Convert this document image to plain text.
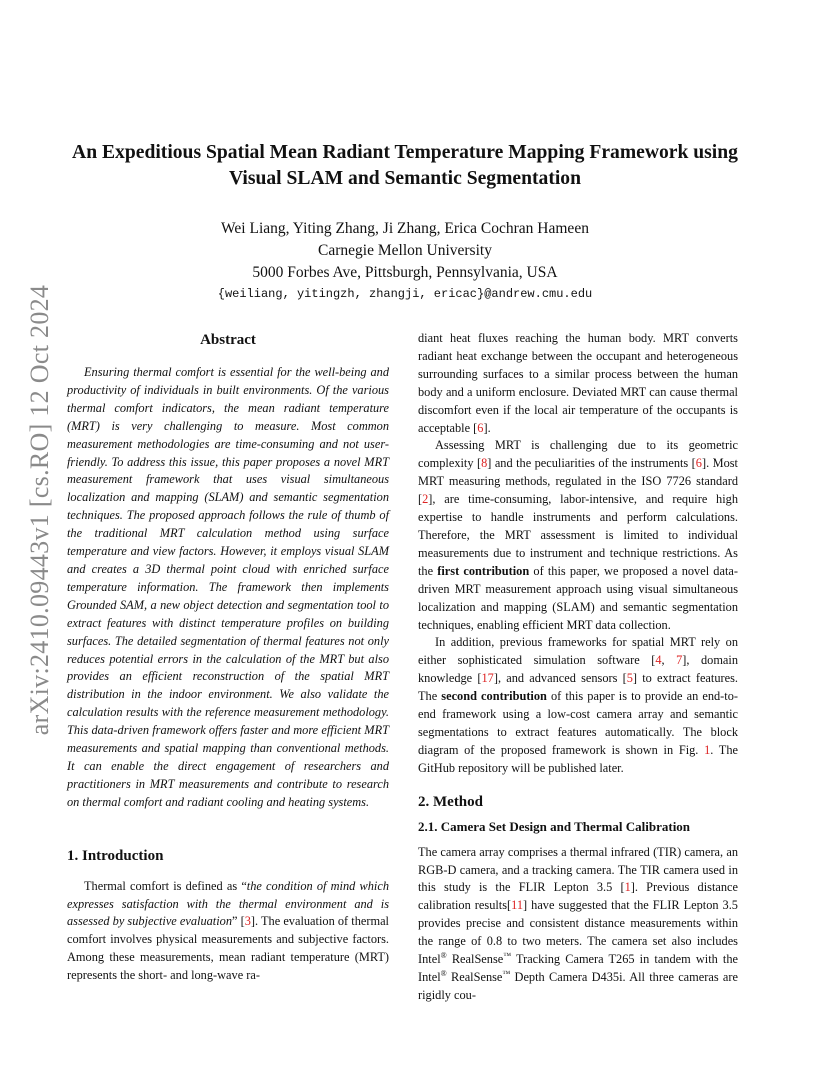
arXiv:2410.09443v1 [cs.RO] 12 Oct 2024
An Expeditious Spatial Mean Radiant Temperature Mapping Framework using
Visual SLAM and Semantic Segmentation
Wei Liang, Yiting Zhang, Ji Zhang, Erica Cochran Hameen
Carnegie Mellon University
5000 Forbes Ave, Pittsburgh, Pennsylvania, USA
{weiliang, yitingzh, zhangji, ericac}@andrew.cmu.edu
Abstract

Ensuring thermal comfort is essential for the well-being and productivity of individuals in built environments. Of the various thermal comfort indicators, the mean radiant temperature (MRT) is very challenging to measure. Most common measurement methodologies are time-consuming and not user-friendly. To address this issue, this paper proposes a novel MRT measurement framework that uses visual simultaneous localization and mapping (SLAM) and semantic segmentation techniques. The proposed approach follows the rule of thumb of the traditional MRT calculation method using surface temperature and view factors. However, it employs visual SLAM and creates a 3D thermal point cloud with enriched surface temperature information. The framework then implements Grounded SAM, a new object detection and segmentation tool to extract features with distinct temperature profiles on building surfaces. The detailed segmentation of thermal features not only reduces potential errors in the calculation of the MRT but also provides an efficient reconstruction of the spatial MRT distribution in the indoor environment. We also validate the calculation results with the reference measurement methodology. This data-driven framework offers faster and more efficient MRT measurements and spatial mapping than conventional methods. It can enable the direct engagement of researchers and practitioners in MRT measurements and contribute to research on thermal comfort and radiant cooling and heating systems.

1. Introduction

Thermal comfort is defined as “the condition of mind which expresses satisfaction with the thermal environment and is assessed by subjective evaluation” [3]. The evaluation of thermal comfort involves physical measurements and subjective factors. Among these measurements, mean radiant temperature (MRT) represents the short- and long-wave ra-

diant heat fluxes reaching the human body. MRT converts radiant heat exchange between the occupant and heterogeneous surrounding surfaces to a similar process between the human body and a uniform enclosure. Deviated MRT can cause thermal discomfort even if the local air temperature of the occupants is acceptable [6].

Assessing MRT is challenging due to its geometric complexity [8] and the peculiarities of the instruments [6]. Most MRT measuring methods, regulated in the ISO 7726 standard [2], are time-consuming, labor-intensive, and require high expertise to handle instruments and perform calculations. Therefore, the MRT assessment is limited to individual measurements due to instrument and technique restrictions. As the first contribution of this paper, we proposed a novel data-driven MRT measurement approach using visual simultaneous localization and mapping (SLAM) and semantic segmentation techniques, enabling efficient MRT data collection.

In addition, previous frameworks for spatial MRT rely on either sophisticated simulation software [4, 7], domain knowledge [17], and advanced sensors [5] to extract features. The second contribution of this paper is to provide an end-to-end framework using a low-cost camera array and semantic segmentations to extract features automatically. The block diagram of the proposed framework is shown in Fig. 1. The GitHub repository will be published later.

2. Method
2.1. Camera Set Design and Thermal Calibration

The camera array comprises a thermal infrared (TIR) camera, an RGB-D camera, and a tracking camera. The TIR camera used in this study is the FLIR Lepton 3.5 [1]. Previous distance calibration results[11] have suggested that the FLIR Lepton 3.5 provides precise and consistent distance measurements within the range of 0.8 to two meters. The camera set also includes Intel® RealSense™ Tracking Camera T265 in tandem with the Intel® RealSense™ Depth Camera D435i. All three cameras are rigidly cou-
